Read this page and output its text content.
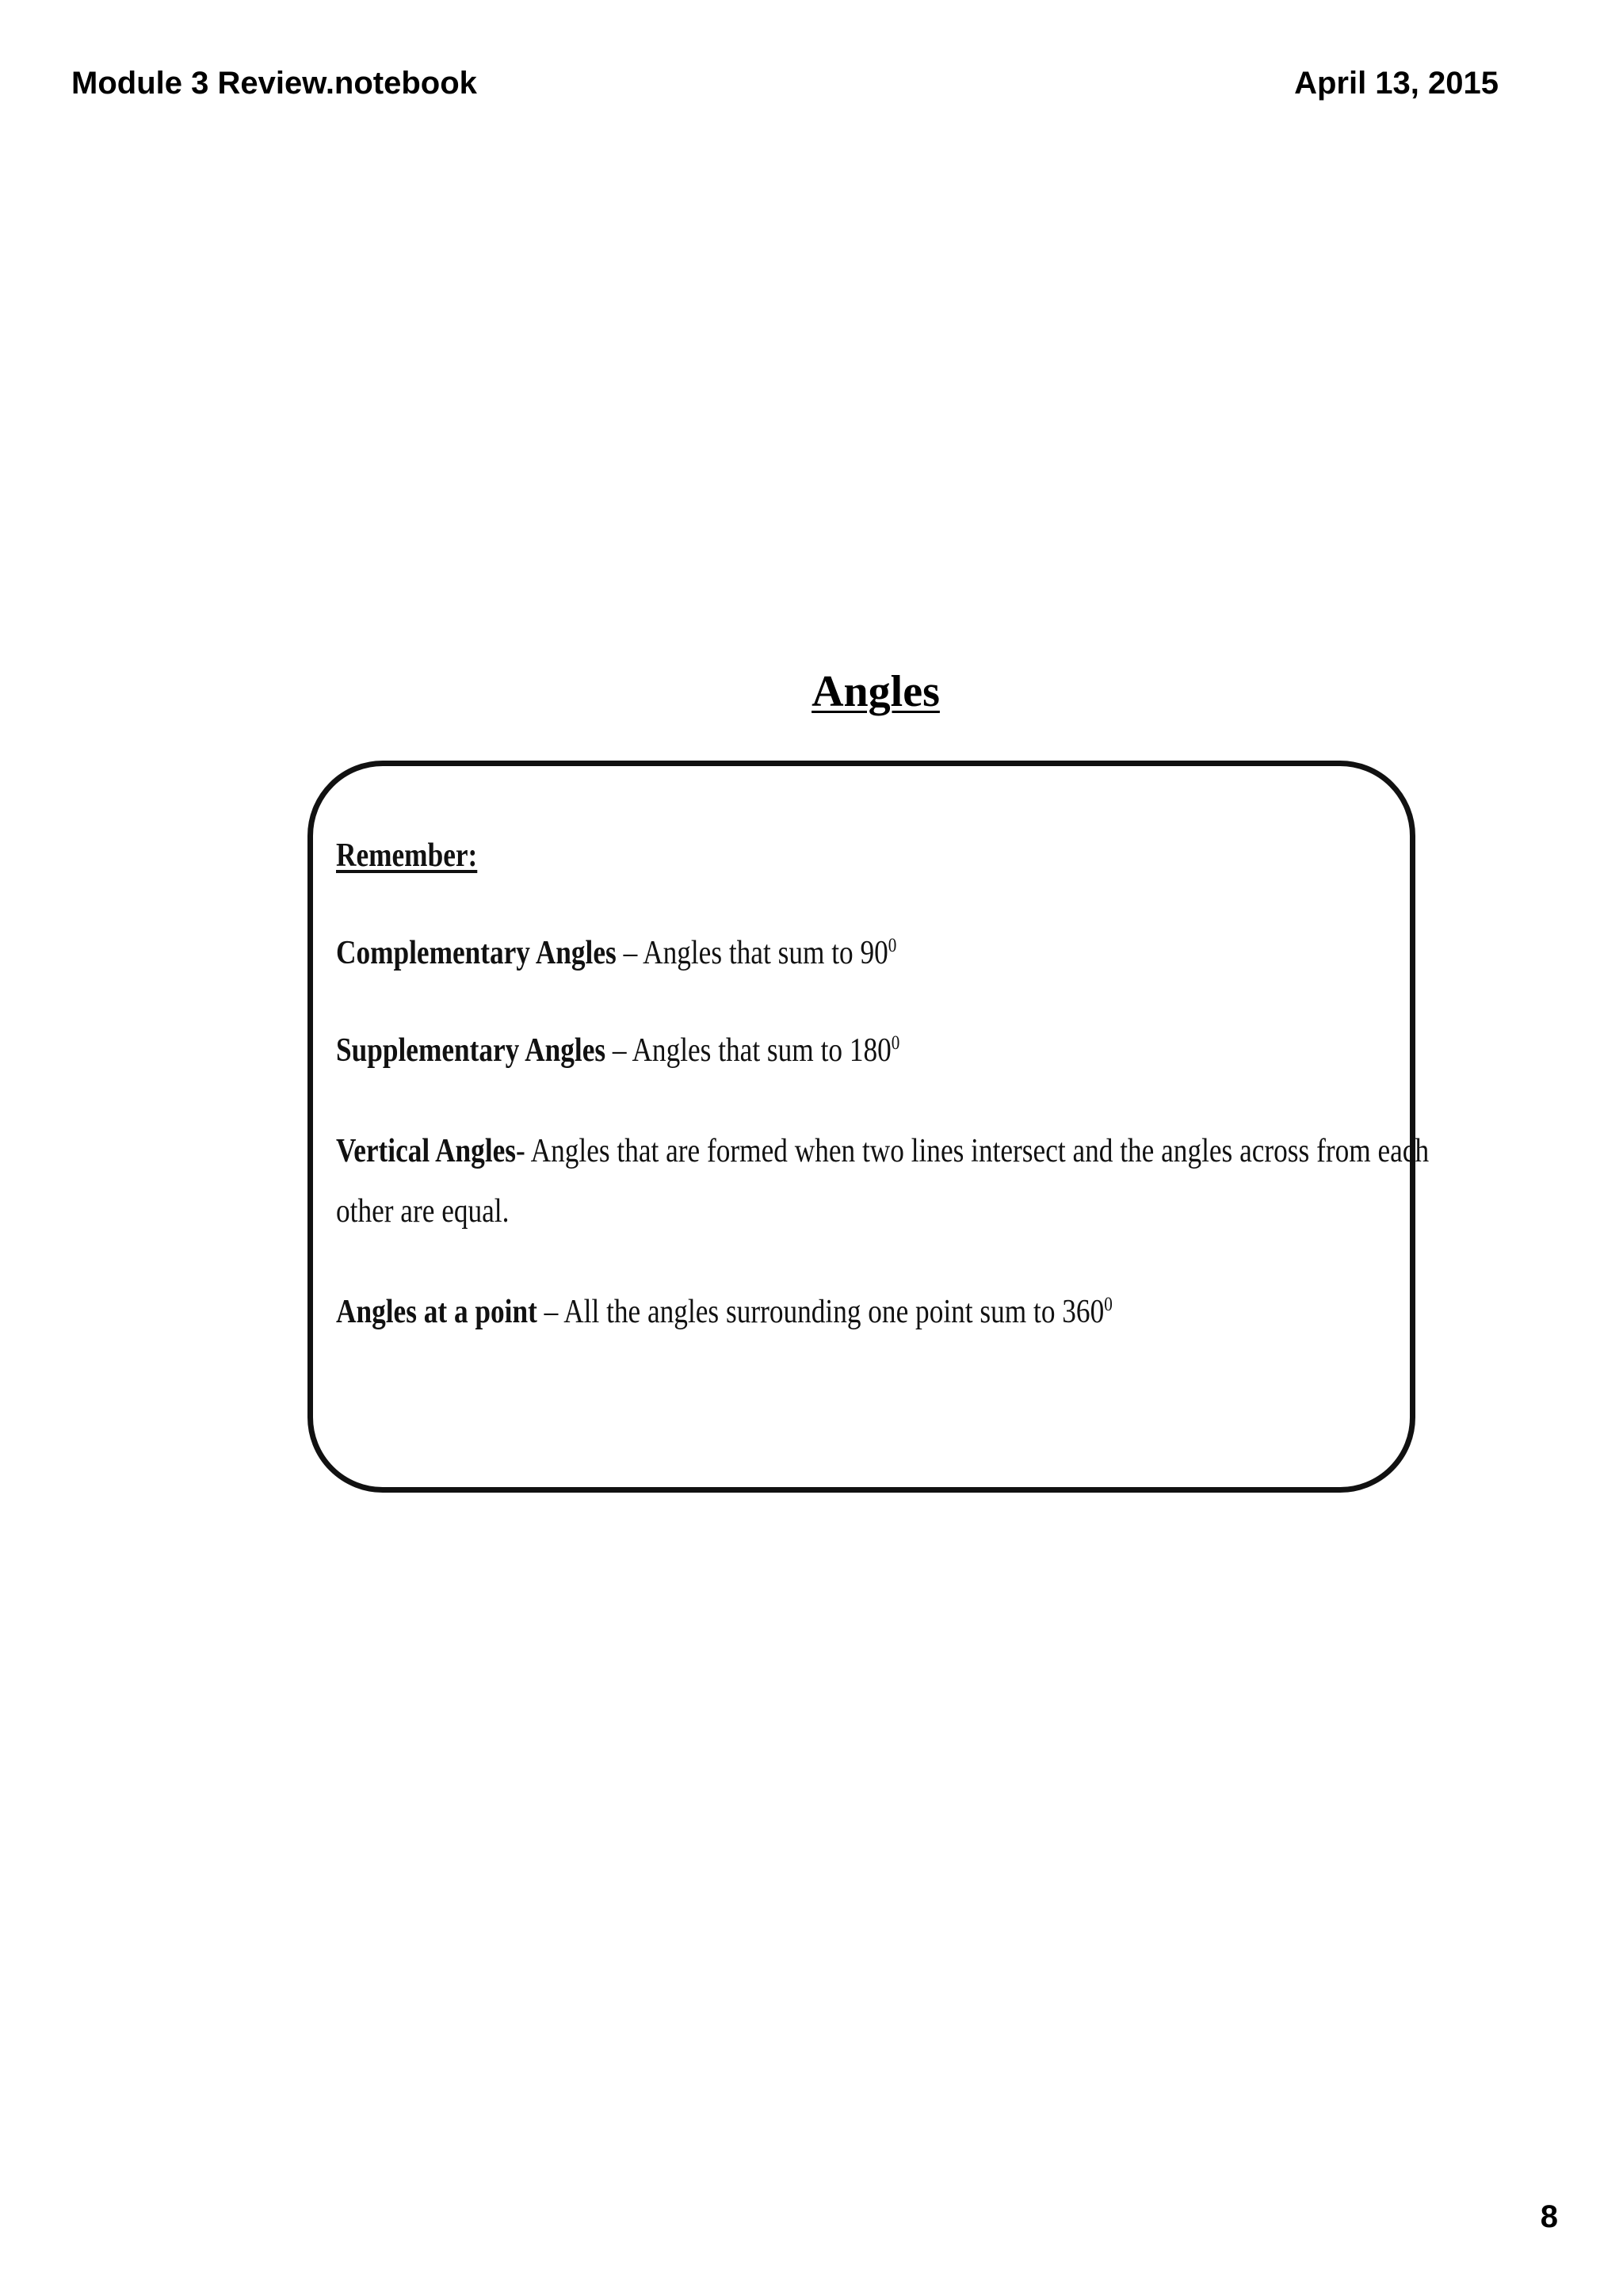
Module 3 Review.notebook	April 13, 2015
Angles
Remember:
Complementary Angles – Angles that sum to $90^0$
Supplementary Angles – Angles that sum to $180^0$
Vertical Angles- Angles that are formed when two lines intersect and the angles across from each
other are equal.
Angles at a point – All the angles surrounding one point sum to $360^0$
8
